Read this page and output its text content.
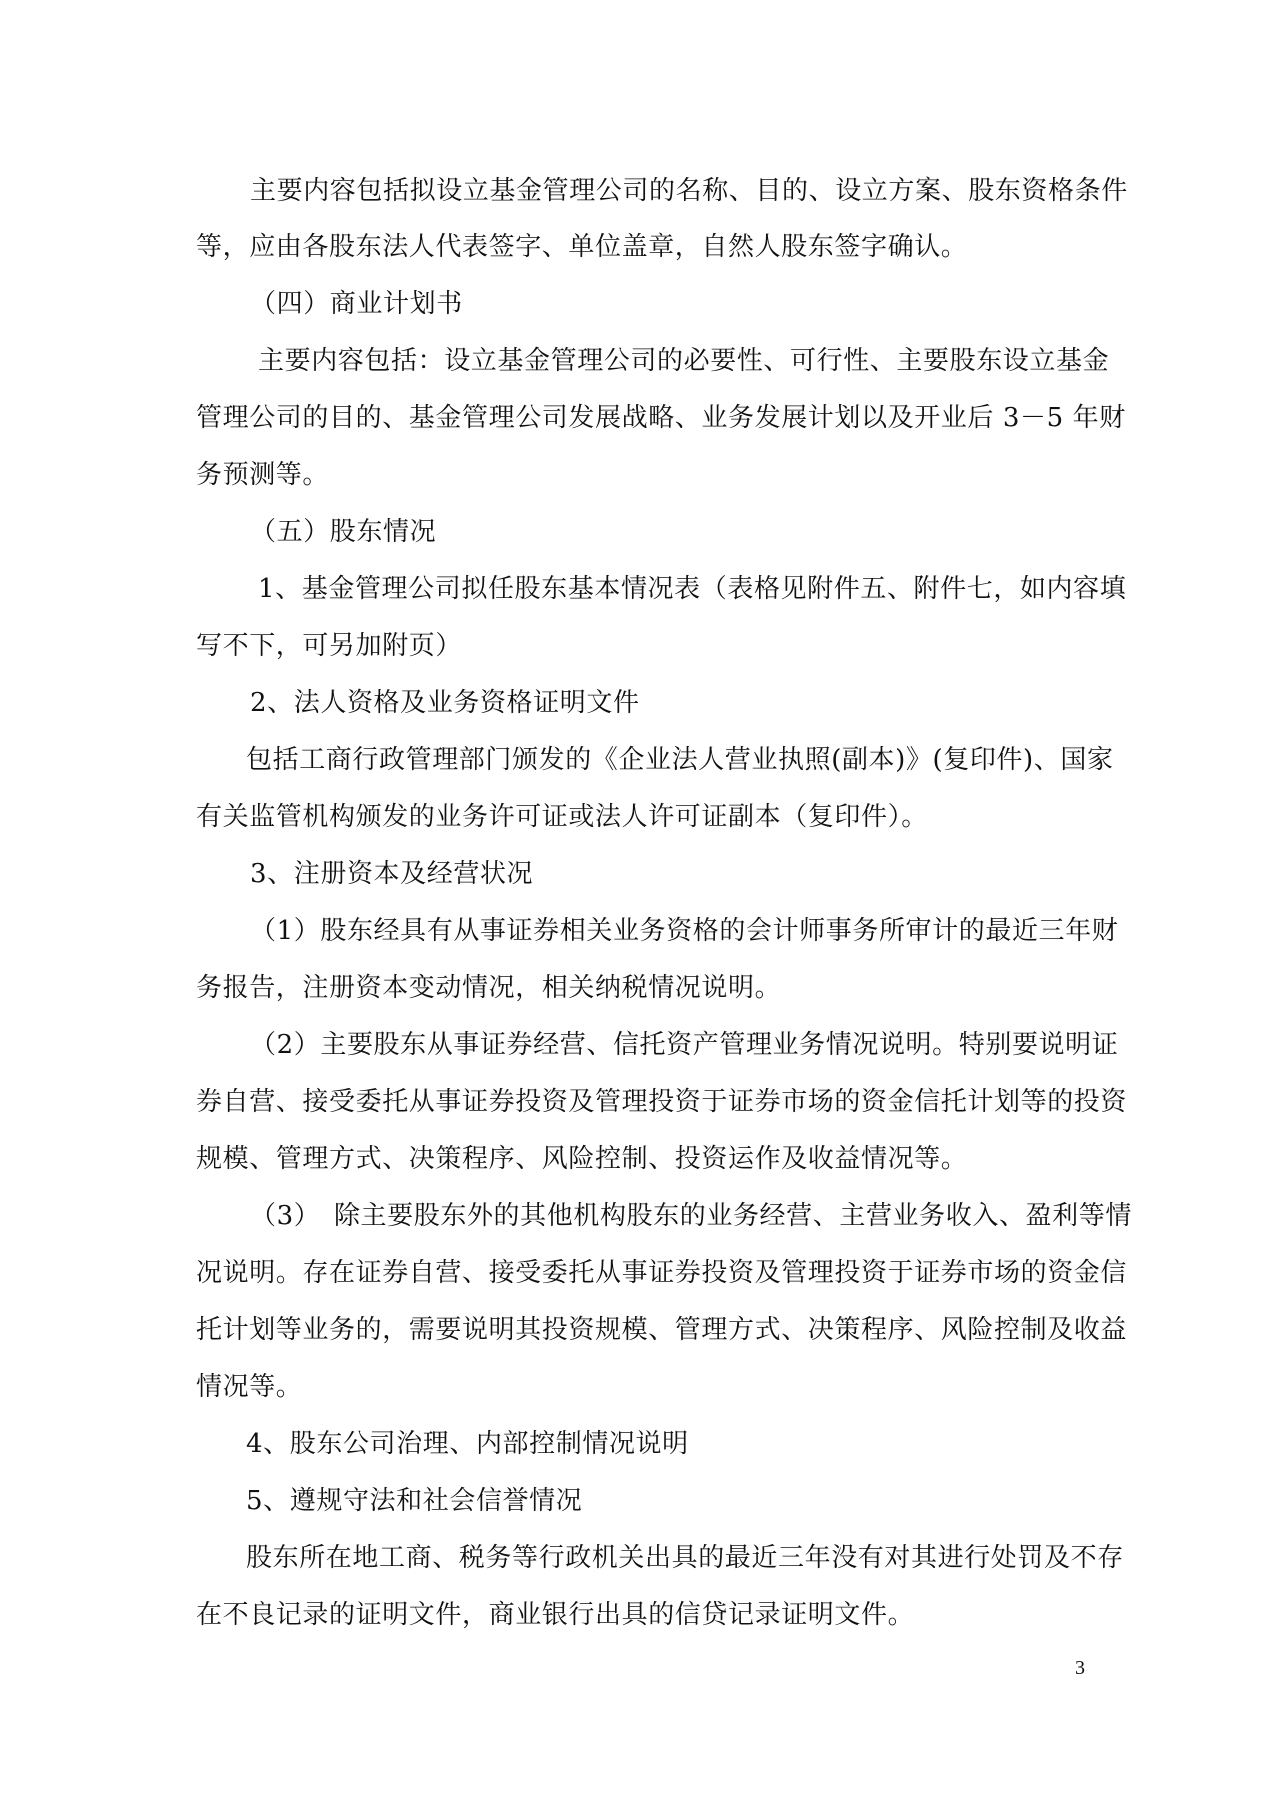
主要内容包括拟设立基金管理公司的名称、目的、设立方案、股东资格条件
等，应由各股东法人代表签字、单位盖章，自然人股东签字确认。
（四）商业计划书
主要内容包括：设立基金管理公司的必要性、可行性、主要股东设立基金
管理公司的目的、基金管理公司发展战略、业务发展计划以及开业后 3－5 年财
务预测等。
（五）股东情况
1、基金管理公司拟任股东基本情况表（表格见附件五、附件七，如内容填
写不下，可另加附页）
2、法人资格及业务资格证明文件
包括工商行政管理部门颁发的《企业法人营业执照(副本)》(复印件)、国家
有关监管机构颁发的业务许可证或法人许可证副本（复印件）。
3、注册资本及经营状况
（1）股东经具有从事证券相关业务资格的会计师事务所审计的最近三年财
务报告，注册资本变动情况，相关纳税情况说明。
（2）主要股东从事证券经营、信托资产管理业务情况说明。特别要说明证
券自营、接受委托从事证券投资及管理投资于证券市场的资金信托计划等的投资
规模、管理方式、决策程序、风险控制、投资运作及收益情况等。
（3）　除主要股东外的其他机构股东的业务经营、主营业务收入、盈利等情
况说明。存在证券自营、接受委托从事证券投资及管理投资于证券市场的资金信
托计划等业务的，需要说明其投资规模、管理方式、决策程序、风险控制及收益
情况等。
4、股东公司治理、内部控制情况说明
5、遵规守法和社会信誉情况
股东所在地工商、税务等行政机关出具的最近三年没有对其进行处罚及不存
在不良记录的证明文件，商业银行出具的信贷记录证明文件。
3
